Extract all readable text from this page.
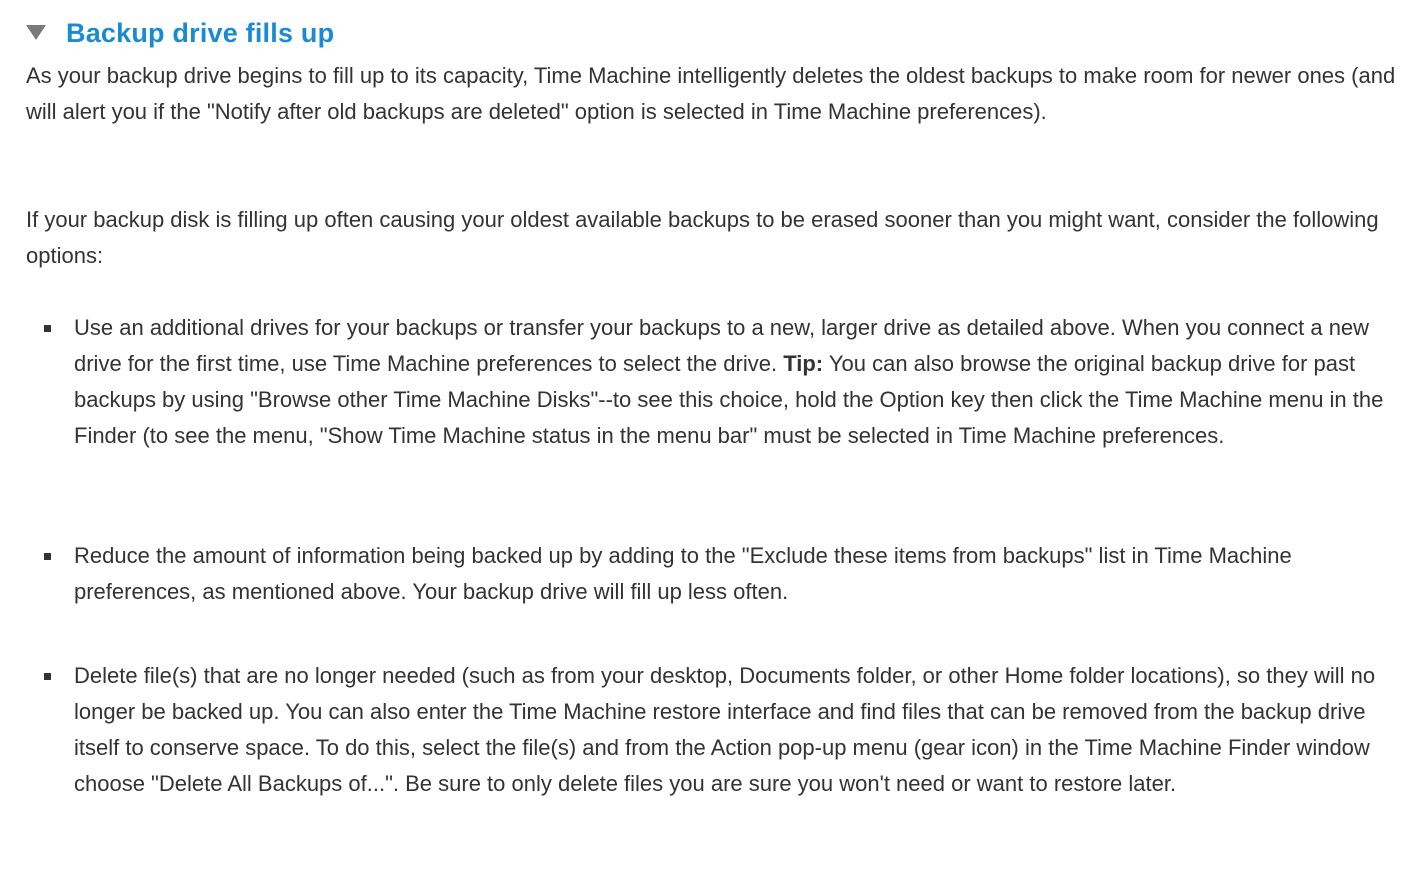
Backup drive fills up

As your backup drive begins to fill up to its capacity, Time Machine intelligently deletes the oldest backups to make room for newer ones (and will alert you if the "Notify after old backups are deleted" option is selected in Time Machine preferences).

If your backup disk is filling up often causing your oldest available backups to be erased sooner than you might want, consider the following options:

Use an additional drives for your backups or transfer your backups to a new, larger drive as detailed above. When you connect a new drive for the first time, use Time Machine preferences to select the drive. Tip: You can also browse the original backup drive for past backups by using "Browse other Time Machine Disks"--to see this choice, hold the Option key then click the Time Machine menu in the Finder (to see the menu, "Show Time Machine status in the menu bar" must be selected in Time Machine preferences.
Reduce the amount of information being backed up by adding to the "Exclude these items from backups" list in Time Machine preferences, as mentioned above. Your backup drive will fill up less often.
Delete file(s) that are no longer needed (such as from your desktop, Documents folder, or other Home folder locations), so they will no longer be backed up. You can also enter the Time Machine restore interface and find files that can be removed from the backup drive itself to conserve space. To do this, select the file(s) and from the Action pop-up menu (gear icon) in the Time Machine Finder window choose "Delete All Backups of...". Be sure to only delete files you are sure you won't need or want to restore later.
